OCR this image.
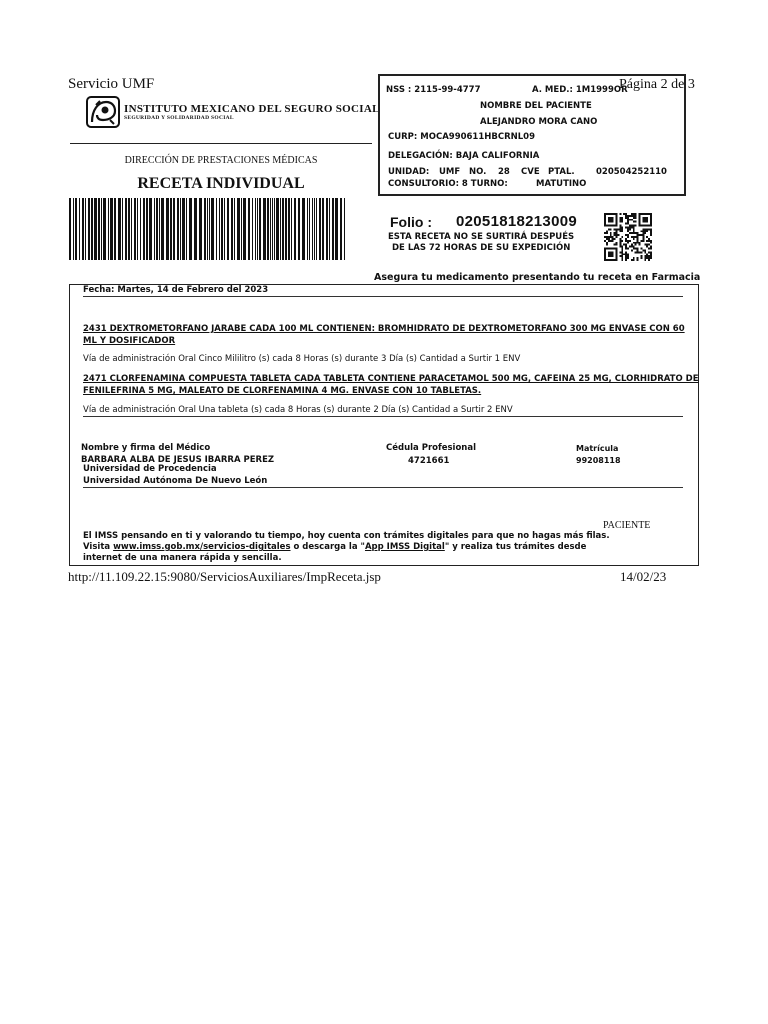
Servicio UMF
INSTITUTO MEXICANO DEL SEGURO SOCIAL
SEGURIDAD Y SOLIDARIDAD SOCIAL
DIRECCIÓN DE PRESTACIONES MÉDICAS
RECETA INDIVIDUAL
NSS : 2115-99-4777	A. MED.: 1M1999OR
NOMBRE DEL PACIENTE
ALEJANDRO MORA CANO
CURP: MOCA990611HBCRNL09
DELEGACIÓN: BAJA CALIFORNIA
UNIDAD: UMF NO. 28 CVE PTAL.	020504252110
CONSULTORIO: 8 TURNO:	MATUTINO
Página 2 de 3
Folio : 02051818213009
ESTA RECETA NO SE SURTIRÁ DESPUÉS
DE LAS 72 HORAS DE SU EXPEDICIÓN
Asegura tu medicamento presentando tu receta en Farmacia
Fecha: Martes, 14 de Febrero del 2023
2431 DEXTROMETORFANO JARABE CADA 100 ML CONTIENEN: BROMHIDRATO DE DEXTROMETORFANO 300 MG ENVASE CON 60
ML Y DOSIFICADOR
Vía de administración Oral Cinco Mililitro (s) cada 8 Horas (s) durante 3 Día (s) Cantidad a Surtir 1 ENV
2471 CLORFENAMINA COMPUESTA TABLETA CADA TABLETA CONTIENE PARACETAMOL 500 MG, CAFEINA 25 MG, CLORHIDRATO DE
FENILEFRINA 5 MG, MALEATO DE CLORFENAMINA 4 MG. ENVASE CON 10 TABLETAS.
Vía de administración Oral Una tableta (s) cada 8 Horas (s) durante 2 Día (s) Cantidad a Surtir 2 ENV
Nombre y firma del Médico
BARBARA ALBA DE JESUS IBARRA PEREZ
Universidad de Procedencia
Universidad Autónoma De Nuevo León
Cédula Profesional
4721661
Matrícula
99208118
PACIENTE
El IMSS pensando en ti y valorando tu tiempo, hoy cuenta con trámites digitales para que no hagas más filas.
Visita www.imss.gob.mx/servicios-digitales o descarga la "App IMSS Digital" y realiza tus trámites desde
internet de una manera rápida y sencilla.
http://11.109.22.15:9080/ServiciosAuxiliares/ImpReceta.jsp	14/02/23
